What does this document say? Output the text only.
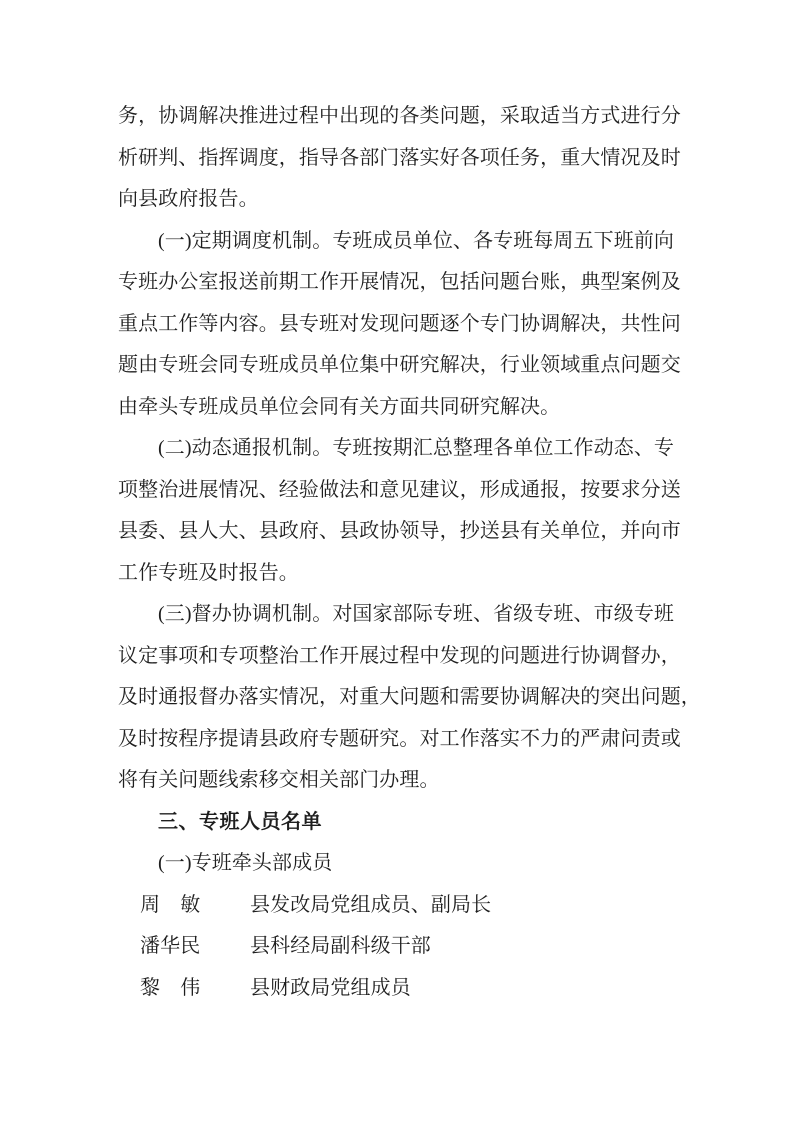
务，协调解决推进过程中出现的各类问题，采取适当方式进行分
析研判、指挥调度，指导各部门落实好各项任务，重大情况及时
向县政府报告。
(一)定期调度机制。专班成员单位、各专班每周五下班前向
专班办公室报送前期工作开展情况，包括问题台账，典型案例及
重点工作等内容。县专班对发现问题逐个专门协调解决，共性问
题由专班会同专班成员单位集中研究解决，行业领域重点问题交
由牵头专班成员单位会同有关方面共同研究解决。
(二)动态通报机制。专班按期汇总整理各单位工作动态、专
项整治进展情况、经验做法和意见建议，形成通报，按要求分送
县委、县人大、县政府、县政协领导，抄送县有关单位，并向市
工作专班及时报告。
(三)督办协调机制。对国家部际专班、省级专班、市级专班
议定事项和专项整治工作开展过程中发现的问题进行协调督办，
及时通报督办落实情况，对重大问题和需要协调解决的突出问题，
及时按程序提请县政府专题研究。对工作落实不力的严肃问责或
将有关问题线索移交相关部门办理。
三、专班人员名单
(一)专班牵头部成员
周　敏	县发改局党组成员、副局长
潘华民	县科经局副科级干部
黎　伟	县财政局党组成员
